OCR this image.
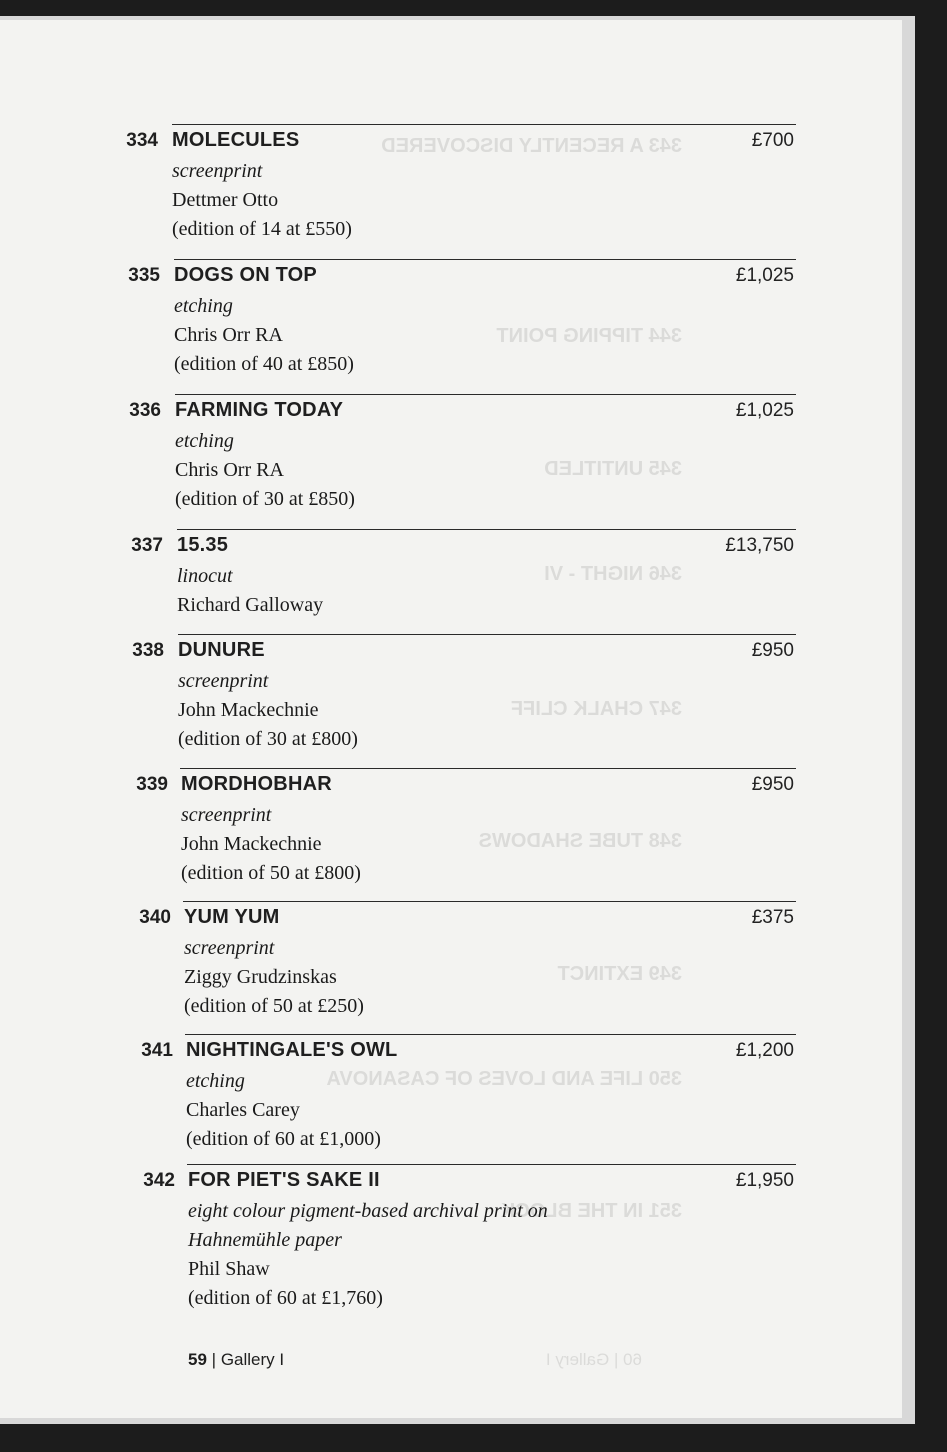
343 A RECENTLY DISCOVERED
344 TIPPING POINT
345 UNTITLED
346 NIGHT - VI
347 CHALK CLIFF
348 TUBE SHADOWS
349 EXTINCT
350 LIFE AND LOVES OF CASANOVA
351 IN THE BLOCK
60 | Gallery I
334 MOLECULES	£700
screenprint
Dettmer Otto
(edition of 14 at £550)
335 DOGS ON TOP	£1,025
etching
Chris Orr RA
(edition of 40 at £850)
336 FARMING TODAY	£1,025
etching
Chris Orr RA
(edition of 30 at £850)
337 15.35	£13,750
linocut
Richard Galloway
338 DUNURE	£950
screenprint
John Mackechnie
(edition of 30 at £800)
339 MORDHOBHAR	£950
screenprint
John Mackechnie
(edition of 50 at £800)
340 YUM YUM	£375
screenprint
Ziggy Grudzinskas
(edition of 50 at £250)
341 NIGHTINGALE'S OWL	£1,200
etching
Charles Carey
(edition of 60 at £1,000)
342 FOR PIET'S SAKE II	£1,950
eight colour pigment-based archival print on
Hahnemühle paper
Phil Shaw
(edition of 60 at £1,760)
59 | Gallery I
